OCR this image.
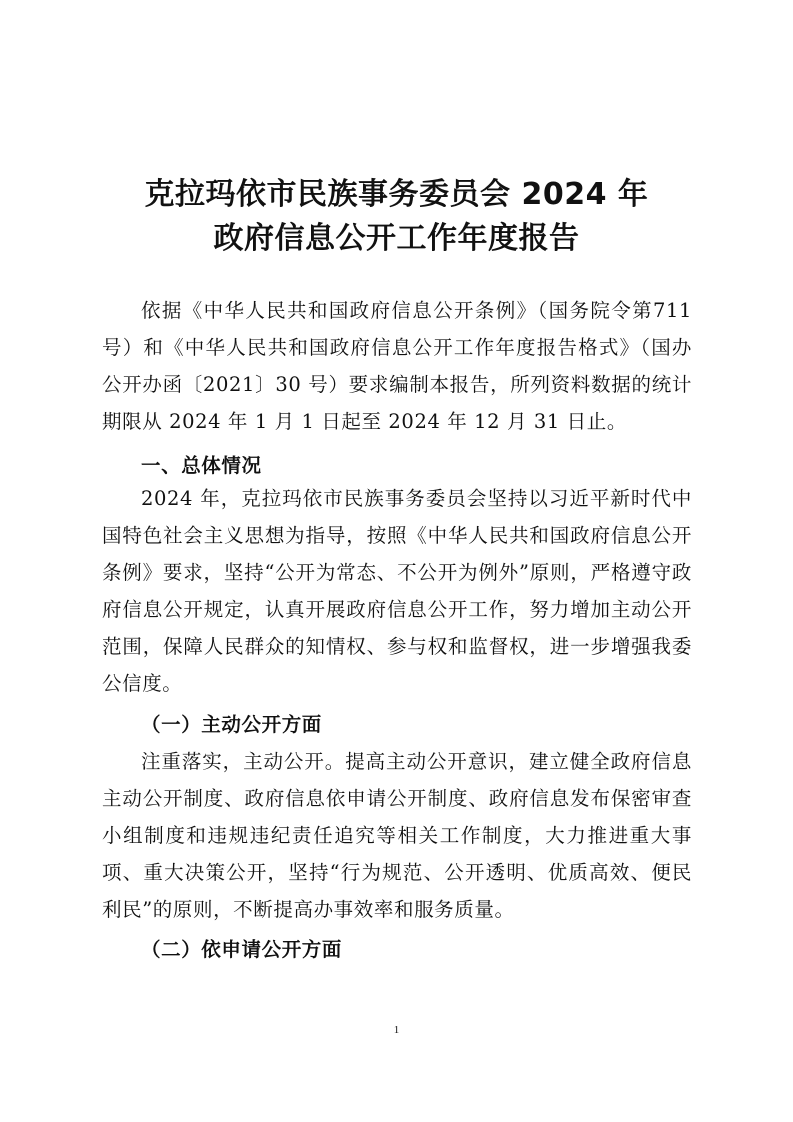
克拉玛依市民族事务委员会 2024 年
政府信息公开工作年度报告

依据《中华人民共和国政府信息公开条例》（国务院令第711 号）和《中华人民共和国政府信息公开工作年度报告格式》（国办公开办函〔2021〕30 号）要求编制本报告，所列资料数据的统计期限从 2024 年 1 月 1 日起至 2024 年 12 月 31 日止。

一、总体情况

2024 年，克拉玛依市民族事务委员会坚持以习近平新时代中国特色社会主义思想为指导，按照《中华人民共和国政府信息公开条例》要求，坚持“公开为常态、不公开为例外”原则，严格遵守政府信息公开规定，认真开展政府信息公开工作，努力增加主动公开范围，保障人民群众的知情权、参与权和监督权，进一步增强我委公信度。

（一）主动公开方面

注重落实，主动公开。提高主动公开意识，建立健全政府信息主动公开制度、政府信息依申请公开制度、政府信息发布保密审查小组制度和违规违纪责任追究等相关工作制度，大力推进重大事项、重大决策公开，坚持“行为规范、公开透明、优质高效、便民利民”的原则，不断提高办事效率和服务质量。

（二）依申请公开方面

1
